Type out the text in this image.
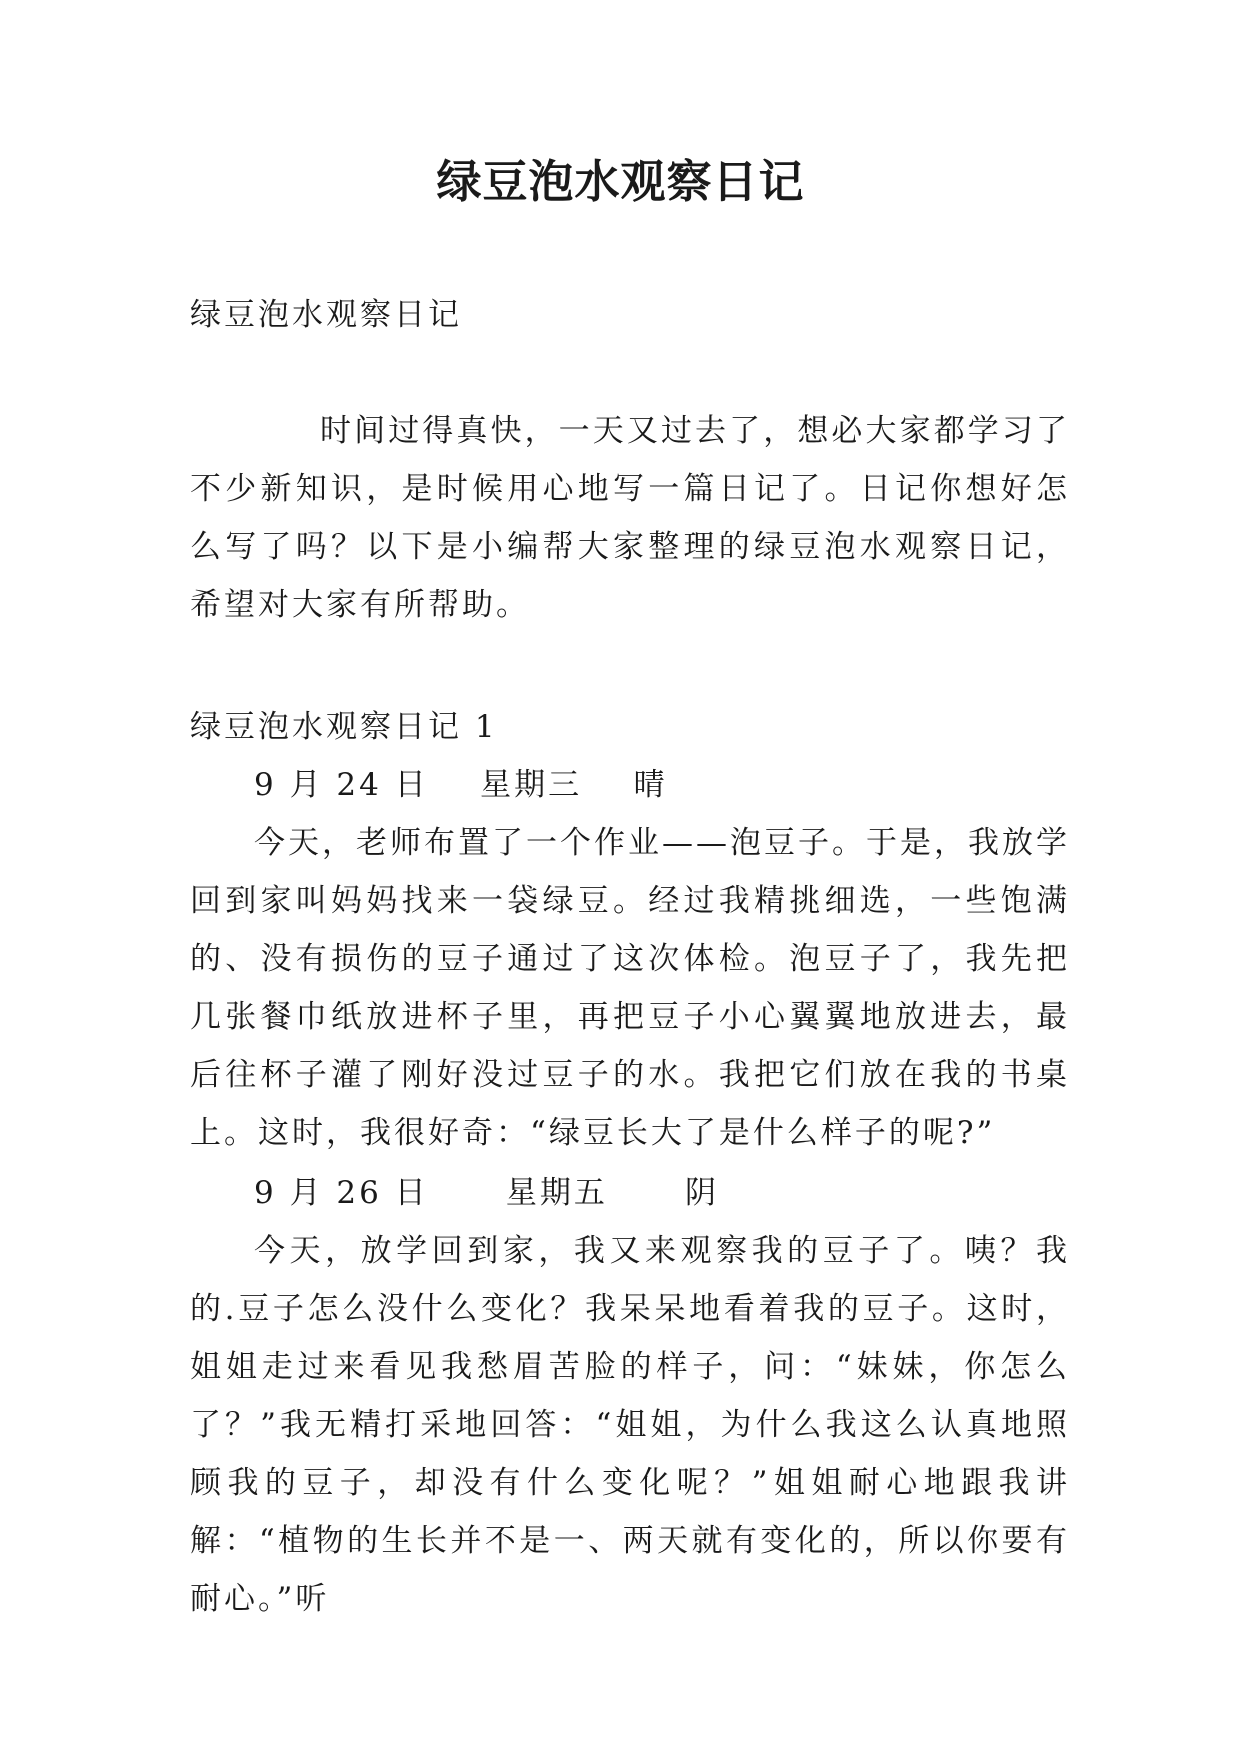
绿豆泡水观察日记

绿豆泡水观察日记

时间过得真快，一天又过去了，想必大家都学习了不少新知识，是时候用心地写一篇日记了。日记你想好怎么写了吗？以下是小编帮大家整理的绿豆泡水观察日记，希望对大家有所帮助。

绿豆泡水观察日记 1

9 月 24 日    星期三    晴

今天，老师布置了一个作业——泡豆子。于是，我放学回到家叫妈妈找来一袋绿豆。经过我精挑细选，一些饱满的、没有损伤的豆子通过了这次体检。泡豆子了，我先把几张餐巾纸放进杯子里，再把豆子小心翼翼地放进去，最后往杯子灌了刚好没过豆子的水。我把它们放在我的书桌上。这时，我很好奇：“绿豆长大了是什么样子的呢?”

9 月 26 日      星期五      阴

今天，放学回到家，我又来观察我的豆子了。咦？我的.豆子怎么没什么变化？我呆呆地看着我的豆子。这时，姐姐走过来看见我愁眉苦脸的样子，问：“妹妹，你怎么了？”我无精打采地回答：“姐姐，为什么我这么认真地照顾我的豆子，却没有什么变化呢？”姐姐耐心地跟我讲解：“植物的生长并不是一、两天就有变化的，所以你要有耐心。”听
